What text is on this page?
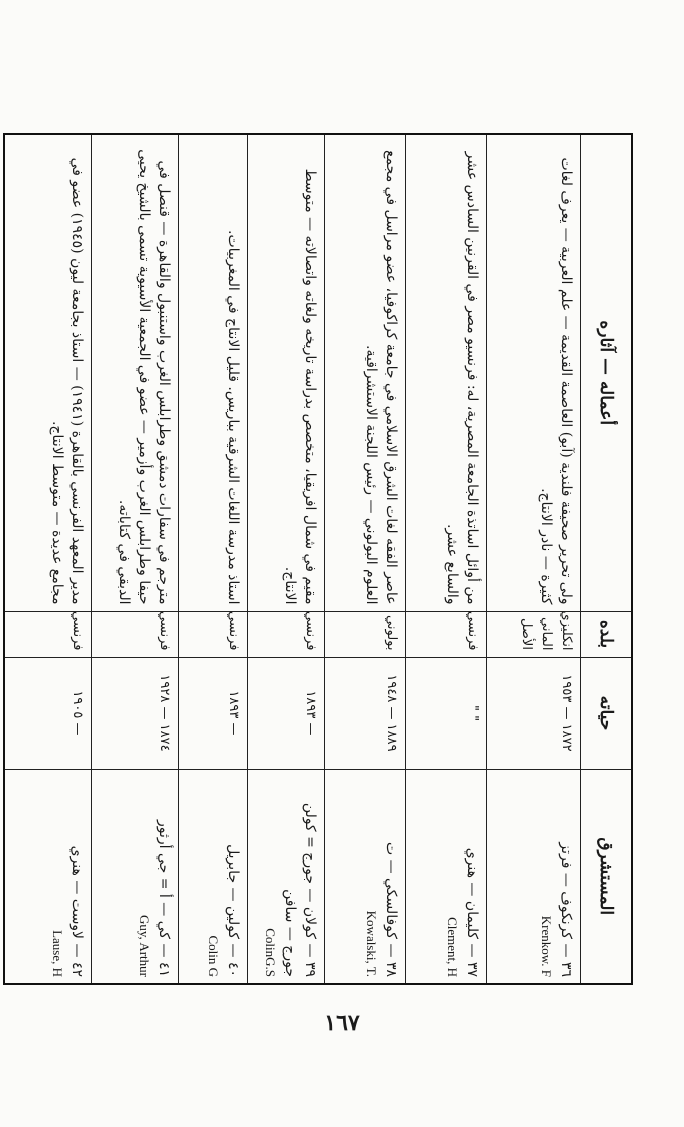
المستشرق	حياته	بلده	أعماله — آثاره

٣٦ — كرنكوف — فرتز
Krenkow. F	١٨٧٢ — ١٩٥٣	انكليزي الماني الأصل	ولى تحرير صحيفة فلندية (آبو) العاصمة القديمة — علم العربية — يعرف لغات كثيرة — نادر الانتاج.

٣٧ — كليمان — هنري
Clement, H	" "	فرنسي	من أوائل اساتذة الجامعة المصرية، له: فرنسيو مصر في القرنين السادس عشر والسابع عشر.

٣٨ — كوفالسكي — ت
Kowalski, T.	١٨٨٩ — ١٩٤٨	بولوني	عاصر الفقه لغات الشرق الاسلامي في جامعة كراكوفيا، عضو مراسل في مجمع العلوم البولوني — رئيس اللجنة الاستشراقية.

٣٩ — كولان — جورج = كولن جورج — سافن
ColinG.S	١٨٩٣ —	فرنسي	مقيم في شمال افريقيا، متخصص بدراسة تاريخه ولغاته واتصالاته — متوسط الانتاج.

٤٠ — كولين — جابريل
Colin G	١٨٩٣ —	فرنسي	استاذ مدرسة اللغات الشرقية بباريس. قليل الانتاج في المغربيات.

٤١ — كي — أ = جي أرثور
Guy, Arthur	١٨٧٤ — ١٩٢٨	فرنسي	مترجم في سفارات دمشق وطرابلس الغرب واستنبول والقاهرة — قنصل في حيفا وطرابلس الغرب وأزمير — عضو في الجمعية الأسيوية تسمى بالشيخ يحيى الدبقي في كتاباته.

٤٢ — لاوست — هنري
Lause, H	١٩٠٥ —	فرنسي	مدير المعهد الفرنسي بالقاهرة (١٩٤١) — استاذ بجامعة ليون (١٩٤٥) عضو في مجامع عديدة — متوسط الانتاج.
١٦٧
